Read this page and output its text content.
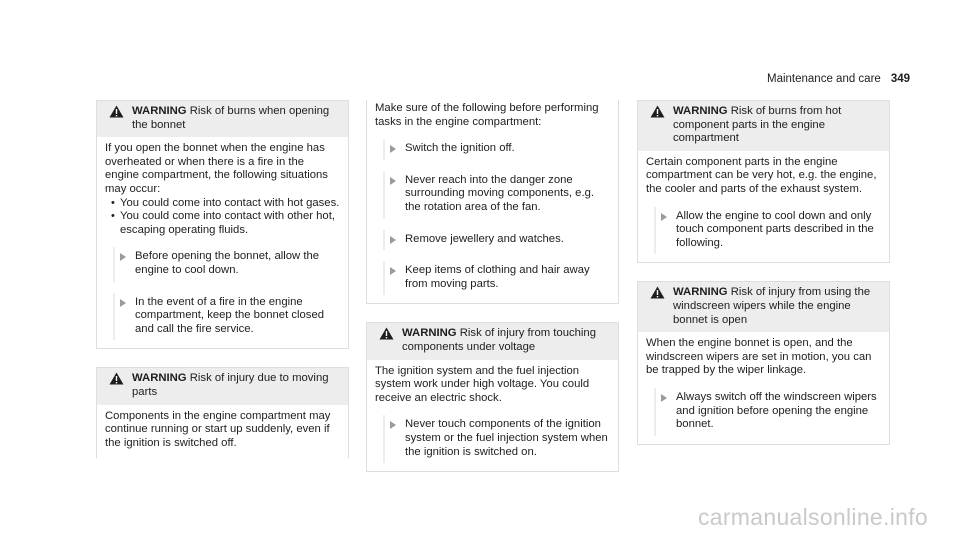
Maintenance and care 349
WARNING Risk of burns when opening the bonnet

If you open the bonnet when the engine has overheated or when there is a fire in the engine compartment, the following situations may occur:

• You could come into contact with hot gases.
• You could come into contact with other hot, escaping operating fluids.
Before opening the bonnet, allow the engine to cool down.
In the event of a fire in the engine compartment, keep the bonnet closed and call the fire service.
WARNING Risk of injury due to moving parts

Components in the engine compartment may continue running or start up suddenly, even if the ignition is switched off.

Make sure of the following before performing tasks in the engine compartment:

Switch the ignition off.
Never reach into the danger zone surrounding moving components, e.g. the rotation area of the fan.
Remove jewellery and watches.
Keep items of clothing and hair away from moving parts.
WARNING Risk of injury from touching components under voltage

The ignition system and the fuel injection system work under high voltage. You could receive an electric shock.

Never touch components of the ignition system or the fuel injection system when the ignition is switched on.
WARNING Risk of burns from hot component parts in the engine compartment

Certain component parts in the engine compartment can be very hot, e.g. the engine, the cooler and parts of the exhaust system.

Allow the engine to cool down and only touch component parts described in the following.
WARNING Risk of injury from using the windscreen wipers while the engine bonnet is open

When the engine bonnet is open, and the windscreen wipers are set in motion, you can be trapped by the wiper linkage.

Always switch off the windscreen wipers and ignition before opening the engine bonnet.
carmanualsonline.info
